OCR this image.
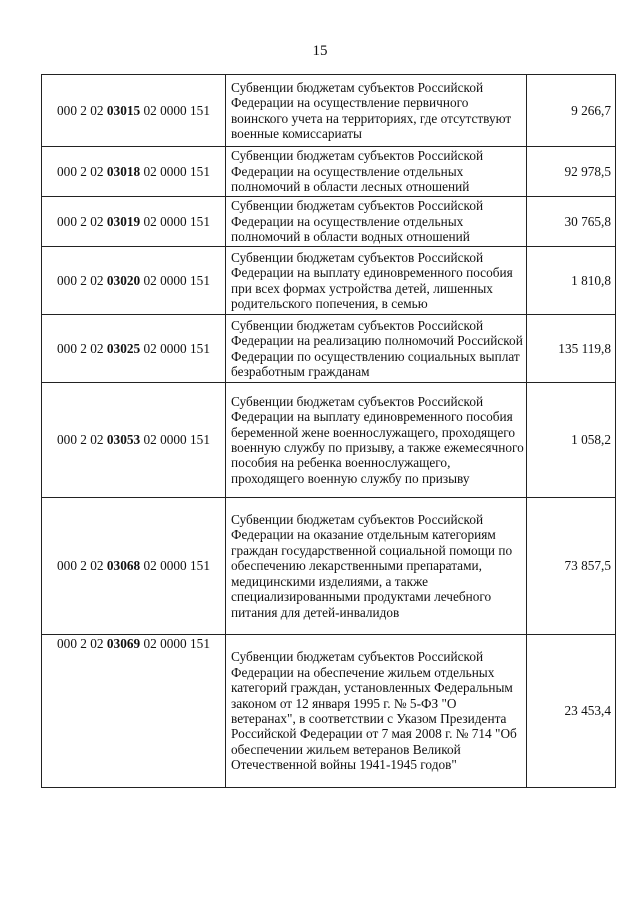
15
000 2 02 03015 02 0000 151	Субвенции бюджетам субъектов Российской Федерации на осуществление первичного воинского учета на территориях, где отсутствуют военные комиссариаты	9 266,7
000 2 02 03018 02 0000 151	Субвенции бюджетам субъектов Российской Федерации на осуществление отдельных полномочий в области лесных отношений	92 978,5
000 2 02 03019 02 0000 151	Субвенции бюджетам субъектов Российской Федерации на осуществление отдельных полномочий в области водных отношений	30 765,8
000 2 02 03020 02 0000 151	Субвенции бюджетам субъектов Российской Федерации на выплату единовременного пособия при всех формах устройства детей, лишенных родительского попечения, в семью	1 810,8
000 2 02 03025 02 0000 151	Субвенции бюджетам субъектов Российской Федерации на реализацию полномочий Российской Федерации по осуществлению социальных выплат безработным гражданам	135 119,8
000 2 02 03053 02 0000 151	Субвенции бюджетам субъектов Российской Федерации на выплату единовременного пособия беременной жене военнослужащего, проходящего военную службу по призыву, а также ежемесячного пособия на ребенка военнослужащего, проходящего военную службу по призыву	1 058,2
000 2 02 03068 02 0000 151	Субвенции бюджетам субъектов Российской Федерации на оказание отдельным категориям граждан государственной социальной помощи по обеспечению лекарственными препаратами, медицинскими изделиями, а также специализированными продуктами лечебного питания для детей-инвалидов	73 857,5
000 2 02 03069 02 0000 151	Субвенции бюджетам субъектов Российской Федерации на обеспечение жильем отдельных категорий граждан, установленных Федеральным законом от 12 января 1995 г. № 5-ФЗ "О ветеранах", в соответствии с Указом Президента Российской Федерации от 7 мая 2008 г. № 714 "Об обеспечении жильем ветеранов Великой Отечественной войны 1941-1945 годов"	23 453,4
